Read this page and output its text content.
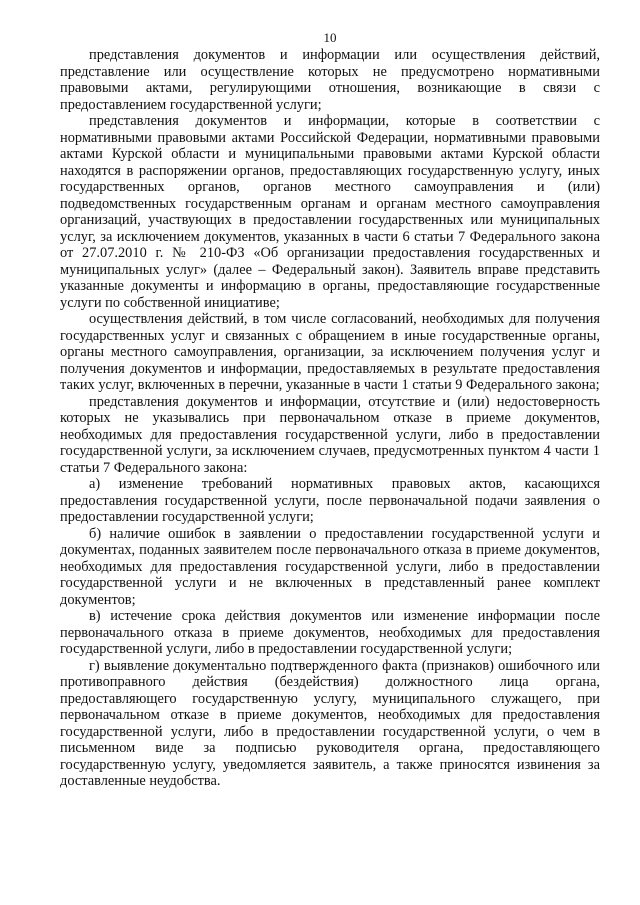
10

представления документов и информации или осуществления действий, представление или осуществление которых не предусмотрено нормативными правовыми актами, регулирующими отношения, возникающие в связи с предоставлением государственной услуги;

представления документов и информации, которые в соответствии с нормативными правовыми актами Российской Федерации, нормативными правовыми актами Курской области и муниципальными правовыми актами Курской области находятся в распоряжении органов, предоставляющих государственную услугу, иных государственных органов, органов местного самоуправления и (или) подведомственных государственным органам и органам местного самоуправления организаций, участвующих в предоставлении государственных или муниципальных услуг, за исключением документов, указанных в части 6 статьи 7 Федерального закона от 27.07.2010 г. № 210-ФЗ «Об организации предоставления государственных и муниципальных услуг» (далее – Федеральный закон). Заявитель вправе представить указанные документы и информацию в органы, предоставляющие государственные услуги по собственной инициативе;

осуществления действий, в том числе согласований, необходимых для получения государственных услуг и связанных с обращением в иные государственные органы, органы местного самоуправления, организации, за исключением получения услуг и получения документов и информации, предоставляемых в результате предоставления таких услуг, включенных в перечни, указанные в части 1 статьи 9 Федерального закона;

представления документов и информации, отсутствие и (или) недостоверность которых не указывались при первоначальном отказе в приеме документов, необходимых для предоставления государственной услуги, либо в предоставлении государственной услуги, за исключением случаев, предусмотренных пунктом 4 части 1 статьи 7 Федерального закона:

а) изменение требований нормативных правовых актов, касающихся предоставления государственной услуги, после первоначальной подачи заявления о предоставлении государственной услуги;

б) наличие ошибок в заявлении о предоставлении государственной услуги и документах, поданных заявителем после первоначального отказа в приеме документов, необходимых для предоставления государственной услуги, либо в предоставлении государственной услуги и не включенных в представленный ранее комплект документов;

в) истечение срока действия документов или изменение информации после первоначального отказа в приеме документов, необходимых для предоставления государственной услуги, либо в предоставлении государственной услуги;

г) выявление документально подтвержденного факта (признаков) ошибочного или противоправного действия (бездействия) должностного лица органа, предоставляющего государственную услугу, муниципального служащего, при первоначальном отказе в приеме документов, необходимых для предоставления государственной услуги, либо в предоставлении государственной услуги, о чем в письменном виде за подписью руководителя органа, предоставляющего государственную услугу, уведомляется заявитель, а также приносятся извинения за доставленные неудобства.
